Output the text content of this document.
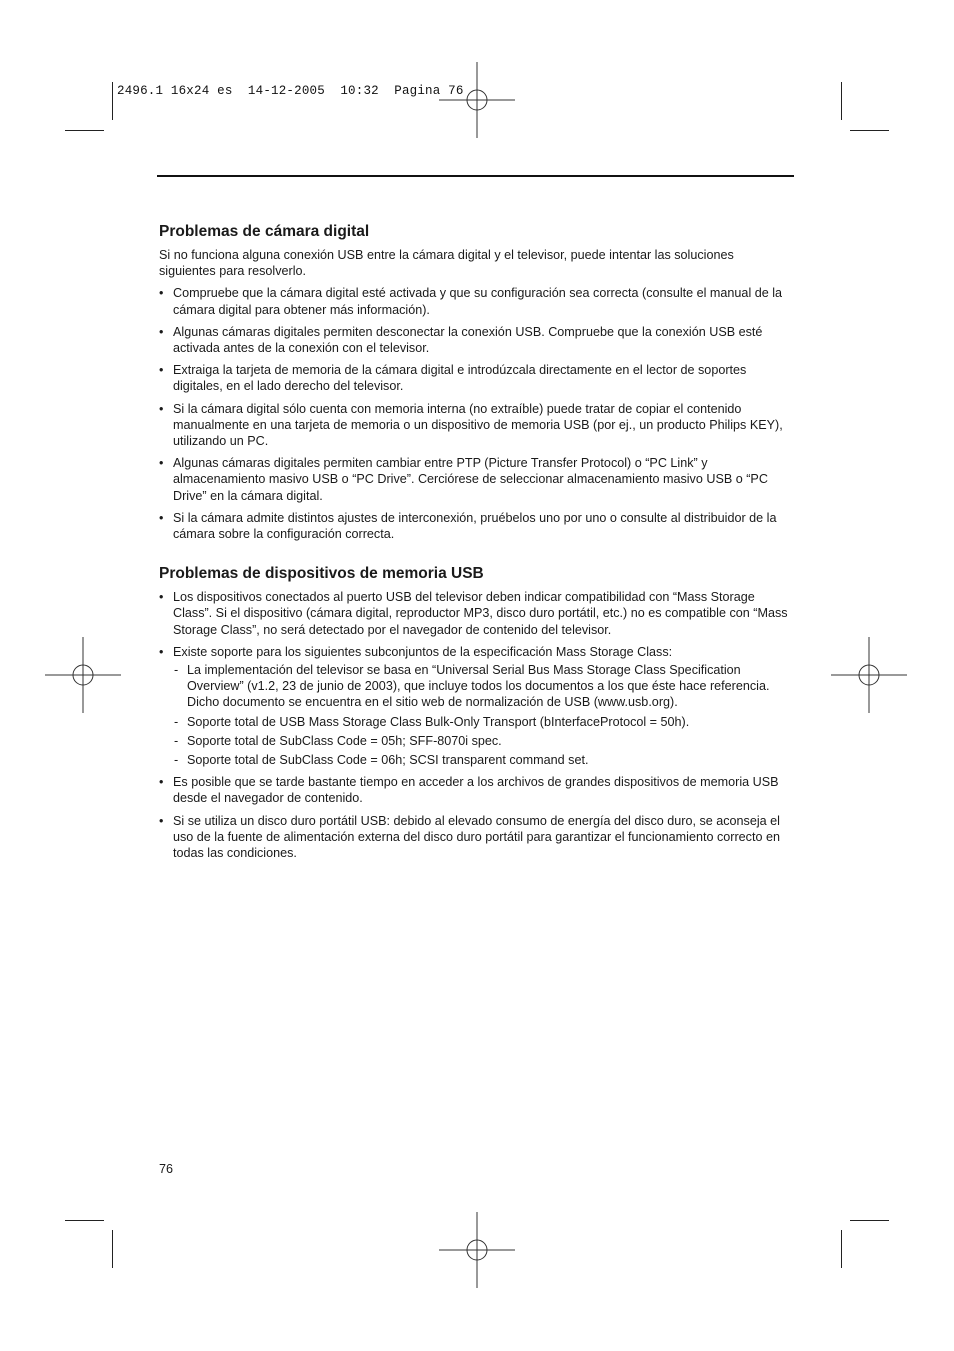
2496.1 16x24 es  14-12-2005  10:32  Pagina 76
Problemas de cámara digital

Si no funciona alguna conexión USB entre la cámara digital y el televisor, puede intentar las soluciones siguientes para resolverlo.

• Compruebe que la cámara digital esté activada y que su configuración sea correcta (consulte el manual de la cámara digital para obtener más información).
• Algunas cámaras digitales permiten desconectar la conexión USB. Compruebe que la conexión USB esté activada antes de la conexión con el televisor.
• Extraiga la tarjeta de memoria de la cámara digital e introdúzcala directamente en el lector de soportes digitales, en el lado derecho del televisor.
• Si la cámara digital sólo cuenta con memoria interna (no extraíble) puede tratar de copiar el contenido manualmente en una tarjeta de memoria o un dispositivo de memoria USB (por ej., un producto Philips KEY), utilizando un PC.
• Algunas cámaras digitales permiten cambiar entre PTP (Picture Transfer Protocol) o “PC Link” y almacenamiento masivo USB o “PC Drive”. Cerciórese de seleccionar almacenamiento masivo USB o “PC Drive” en la cámara digital.
• Si la cámara admite distintos ajustes de interconexión, pruébelos uno por uno o consulte al distribuidor de la cámara sobre la configuración correcta.
Problemas de dispositivos de memoria USB
• Los dispositivos conectados al puerto USB del televisor deben indicar compatibilidad con “Mass Storage Class”. Si el dispositivo (cámara digital, reproductor MP3, disco duro portátil, etc.) no es compatible con “Mass Storage Class”, no será detectado por el navegador de contenido del televisor.
• Existe soporte para los siguientes subconjuntos de la especificación Mass Storage Class:
- La implementación del televisor se basa en “Universal Serial Bus Mass Storage Class Specification Overview” (v1.2, 23 de junio de 2003), que incluye todos los documentos a los que éste hace referencia. Dicho documento se encuentra en el sitio web de normalización de USB (www.usb.org).
- Soporte total de USB Mass Storage Class Bulk-Only Transport (bInterfaceProtocol = 50h).
- Soporte total de SubClass Code = 05h; SFF-8070i spec.
- Soporte total de SubClass Code = 06h; SCSI transparent command set.
• Es posible que se tarde bastante tiempo en acceder a los archivos de grandes dispositivos de memoria USB desde el navegador de contenido.
• Si se utiliza un disco duro portátil USB: debido al elevado consumo de energía del disco duro, se aconseja el uso de la fuente de alimentación externa del disco duro portátil para garantizar el funcionamiento correcto en todas las condiciones.
76
